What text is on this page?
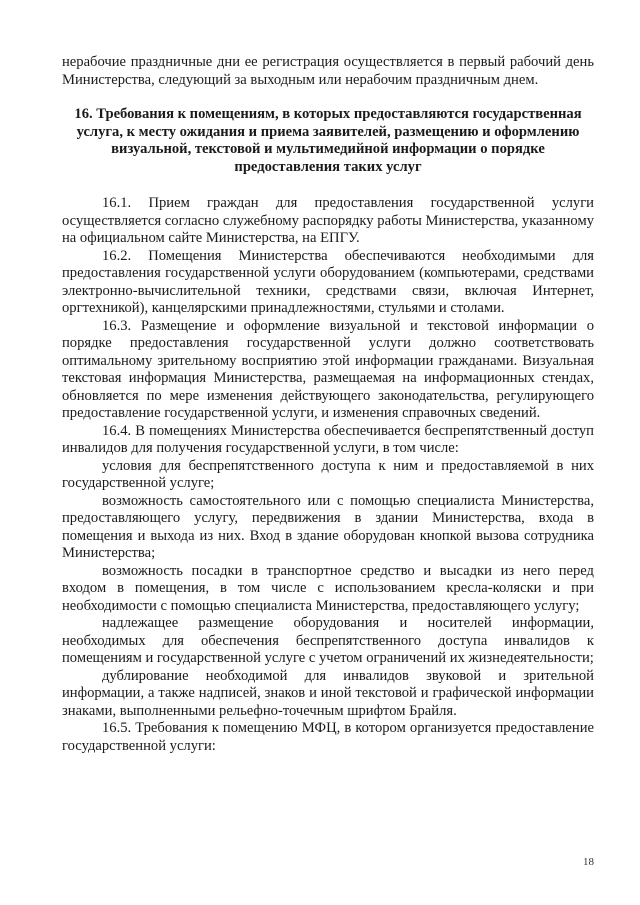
нерабочие праздничные дни ее регистрация осуществляется в первый рабочий день Министерства, следующий за выходным или нерабочим праздничным днем.

16. Требования к помещениям, в которых предоставляются государственная услуга, к месту ожидания и приема заявителей, размещению и оформлению визуальной, текстовой и мультимедийной информации о порядке предоставления таких услуг

16.1. Прием граждан для предоставления государственной услуги осуществляется согласно служебному распорядку работы Министерства, указанному на официальном сайте Министерства, на ЕПГУ.

16.2. Помещения Министерства обеспечиваются необходимыми для предоставления государственной услуги оборудованием (компьютерами, средствами электронно-вычислительной техники, средствами связи, включая Интернет, оргтехникой), канцелярскими принадлежностями, стульями и столами.

16.3. Размещение и оформление визуальной и текстовой информации о порядке предоставления государственной услуги должно соответствовать оптимальному зрительному восприятию этой информации гражданами. Визуальная текстовая информация Министерства, размещаемая на информационных стендах, обновляется по мере изменения действующего законодательства, регулирующего предоставление государственной услуги, и изменения справочных сведений.

16.4. В помещениях Министерства обеспечивается беспрепятственный доступ инвалидов для получения государственной услуги, в том числе:

условия для беспрепятственного доступа к ним и предоставляемой в них государственной услуге;

возможность самостоятельного или с помощью специалиста Министерства, предоставляющего услугу, передвижения в здании Министерства, входа в помещения и выхода из них. Вход в здание оборудован кнопкой вызова сотрудника Министерства;

возможность посадки в транспортное средство и высадки из него перед входом в помещения, в том числе с использованием кресла-коляски и при необходимости с помощью специалиста Министерства, предоставляющего услугу;

надлежащее размещение оборудования и носителей информации, необходимых для обеспечения беспрепятственного доступа инвалидов к помещениям и государственной услуге с учетом ограничений их жизнедеятельности;

дублирование необходимой для инвалидов звуковой и зрительной информации, а также надписей, знаков и иной текстовой и графической информации знаками, выполненными рельефно-точечным шрифтом Брайля.

16.5. Требования к помещению МФЦ, в котором организуется предоставление государственной услуги:

18
